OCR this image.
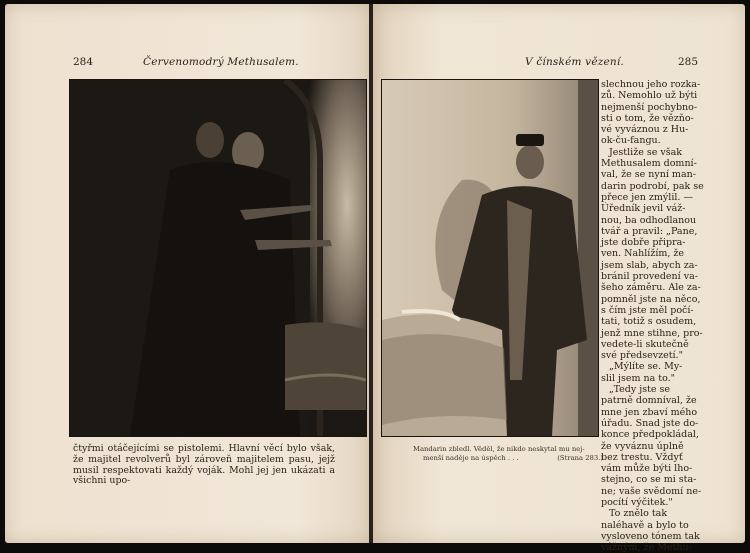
284	Červenomodrý Methusalem.

čtyřmi otáčejícími se pistolemi. Hlavní věcí bylo však, že majitel revolverů byl zároveň majitelem pasu, jejž musil respektovati každý voják. Mohl jej jen ukázati a všichni upo-

V čínském vězení.	285
Mandarin zbledl. Věděl, že nikdo neskytal mu nej-
menší naděje na úspěch . . .	(Strana 283.)
slechnou jeho rozka-
zů. Nemohlo už býti
nejmenší pochybno-
sti o tom, že vězňo-
vé vyváznou z Hu-
ok-ču-fangu.
Jestliže se však
Methusalem domní-
val, že se nyní man-
darin podrobí, pak se
přece jen zmýlil. —
Úředník jevil váž-
nou, ba odhodlanou
tvář a pravil: „Pane,
jste dobře připra-
ven. Nahlížím, že
jsem slab, abych za-
bránil provedení va-
šeho záměru. Ale za-
pomněl jste na něco,
s čím jste měl počí-
tati, totiž s osudem,
jenž mne stihne, pro-
vedete-li skutečně
své předsevzetí."
„Mýlíte se. My-
slil jsem na to."
„Tedy jste se
patrně domníval, že
mne jen zbaví mého
úřadu. Snad jste do-
konce předpokládal,
že vyváznu úplně
bez trestu. Vždyť
vám může býti lho-
stejno, co se mi sta-
ne; vaše svědomí ne-
pocítí výčitek."
To znělo tak
naléhavě a bylo to
vysloveno tónem tak
vážným, že Methu-
